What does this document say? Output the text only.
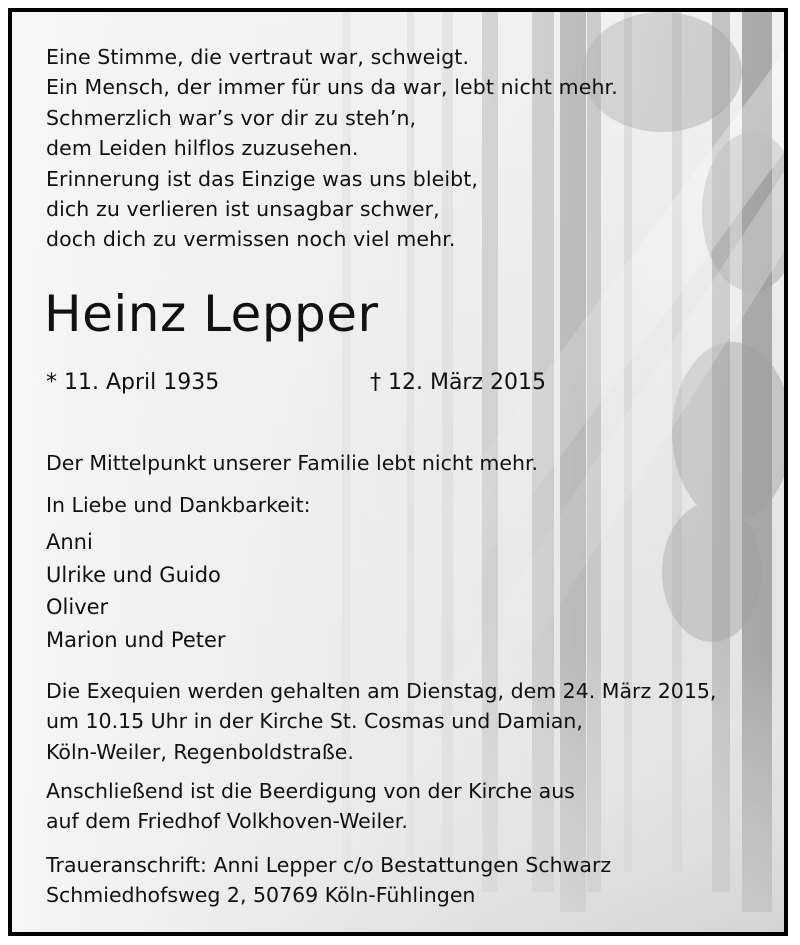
Eine Stimme, die vertraut war, schweigt.
Ein Mensch, der immer für uns da war, lebt nicht mehr.
Schmerzlich war’s vor dir zu steh’n,
dem Leiden hilflos zuzusehen.
Erinnerung ist das Einzige was uns bleibt,
dich zu verlieren ist unsagbar schwer,
doch dich zu vermissen noch viel mehr.
Heinz Lepper
* 11. April 1935	† 12. März 2015
Der Mittelpunkt unserer Familie lebt nicht mehr.
In Liebe und Dankbarkeit:
Anni
Ulrike und Guido
Oliver
Marion und Peter
Die Exequien werden gehalten am Dienstag, dem 24. März 2015,
um 10.15 Uhr in der Kirche St. Cosmas und Damian,
Köln-Weiler, Regenboldstraße.
Anschließend ist die Beerdigung von der Kirche aus
auf dem Friedhof Volkhoven-Weiler.
Traueranschrift: Anni Lepper c/o Bestattungen Schwarz
Schmiedhofsweg 2, 50769 Köln-Fühlingen
